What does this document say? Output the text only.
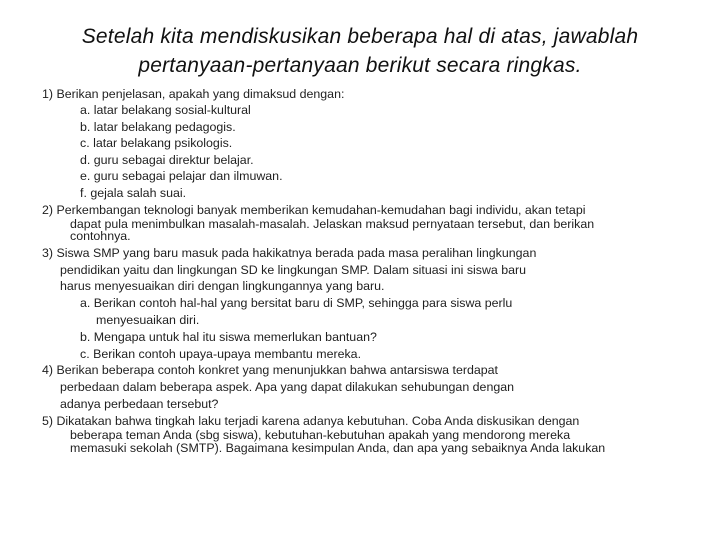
Setelah kita mendiskusikan beberapa hal di atas, jawablah
pertanyaan-pertanyaan berikut secara ringkas.
1) Berikan penjelasan, apakah yang dimaksud dengan:
a. latar belakang sosial-kultural
b. latar belakang pedagogis.
c. latar belakang psikologis.
d. guru sebagai direktur belajar.
e. guru sebagai pelajar dan ilmuwan.
f. gejala salah suai.
2) Perkembangan teknologi banyak memberikan kemudahan-kemudahan bagi individu, akan tetapi
dapat pula menimbulkan masalah-masalah. Jelaskan maksud pernyataan tersebut, dan berikan
contohnya.
3) Siswa SMP yang baru masuk pada hakikatnya berada pada masa peralihan lingkungan
pendidikan yaitu dan lingkungan SD ke lingkungan SMP. Dalam situasi ini siswa baru
harus menyesuaikan diri dengan lingkungannya yang baru.
a. Berikan contoh hal-hal yang bersitat baru di SMP, sehingga para siswa perlu
menyesuaikan diri.
b. Mengapa untuk hal itu siswa memerlukan bantuan?
c. Berikan contoh upaya-upaya membantu mereka.
4) Berikan beberapa contoh konkret yang menunjukkan bahwa antarsiswa terdapat
perbedaan dalam beberapa aspek. Apa yang dapat dilakukan sehubungan dengan
adanya perbedaan tersebut?
5) Dikatakan bahwa tingkah laku terjadi karena adanya kebutuhan. Coba Anda diskusikan dengan
beberapa teman Anda (sbg siswa), kebutuhan-kebutuhan apakah yang mendorong mereka
memasuki sekolah (SMTP). Bagaimana kesimpulan Anda, dan apa yang sebaiknya Anda lakukan
